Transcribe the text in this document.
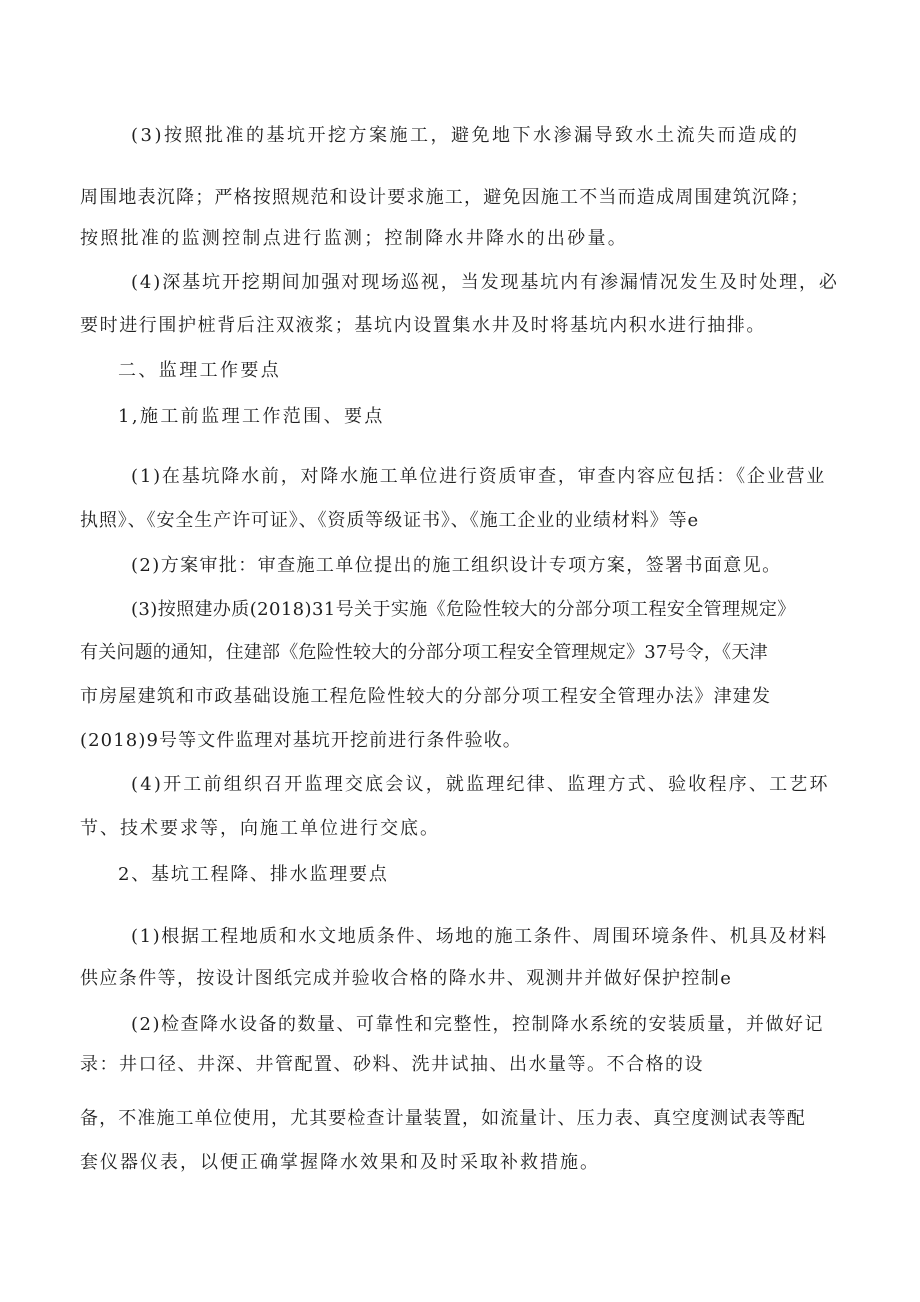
(3)按照批准的基坑开挖方案施工，避免地下水渗漏导致水土流失而造成的

周围地表沉降；严格按照规范和设计要求施工，避免因施工不当而造成周围建筑沉降；

按照批准的监测控制点进行监测；控制降水井降水的出砂量。

(4)深基坑开挖期间加强对现场巡视，当发现基坑内有渗漏情况发生及时处理，必

要时进行围护桩背后注双液浆；基坑内设置集水井及时将基坑内积水进行抽排。

二、监理工作要点

1,施工前监理工作范围、要点

(1)在基坑降水前，对降水施工单位进行资质审查，审查内容应包括：《企业营业

执照》、《安全生产许可证》、《资质等级证书》、《施工企业的业绩材料》等e

(2)方案审批：审查施工单位提出的施工组织设计专项方案，签署书面意见。

(3)按照建办质(2018)31号关于实施《危险性较大的分部分项工程安全管理规定》

有关问题的通知，住建部《危险性较大的分部分项工程安全管理规定》37号令，《天津

市房屋建筑和市政基础设施工程危险性较大的分部分项工程安全管理办法》津建发

(2018)9号等文件监理对基坑开挖前进行条件验收。

(4)开工前组织召开监理交底会议，就监理纪律、监理方式、验收程序、工艺环

节、技术要求等，向施工单位进行交底。

2、基坑工程降、排水监理要点

(1)根据工程地质和水文地质条件、场地的施工条件、周围环境条件、机具及材料

供应条件等，按设计图纸完成并验收合格的降水井、观测井并做好保护控制e

(2)检查降水设备的数量、可靠性和完整性，控制降水系统的安装质量，并做好记

录：井口径、井深、井管配置、砂料、洗井试抽、出水量等。不合格的设

备，不准施工单位使用，尤其要检查计量装置，如流量计、压力表、真空度测试表等配

套仪器仪表，以便正确掌握降水效果和及时采取补救措施。
